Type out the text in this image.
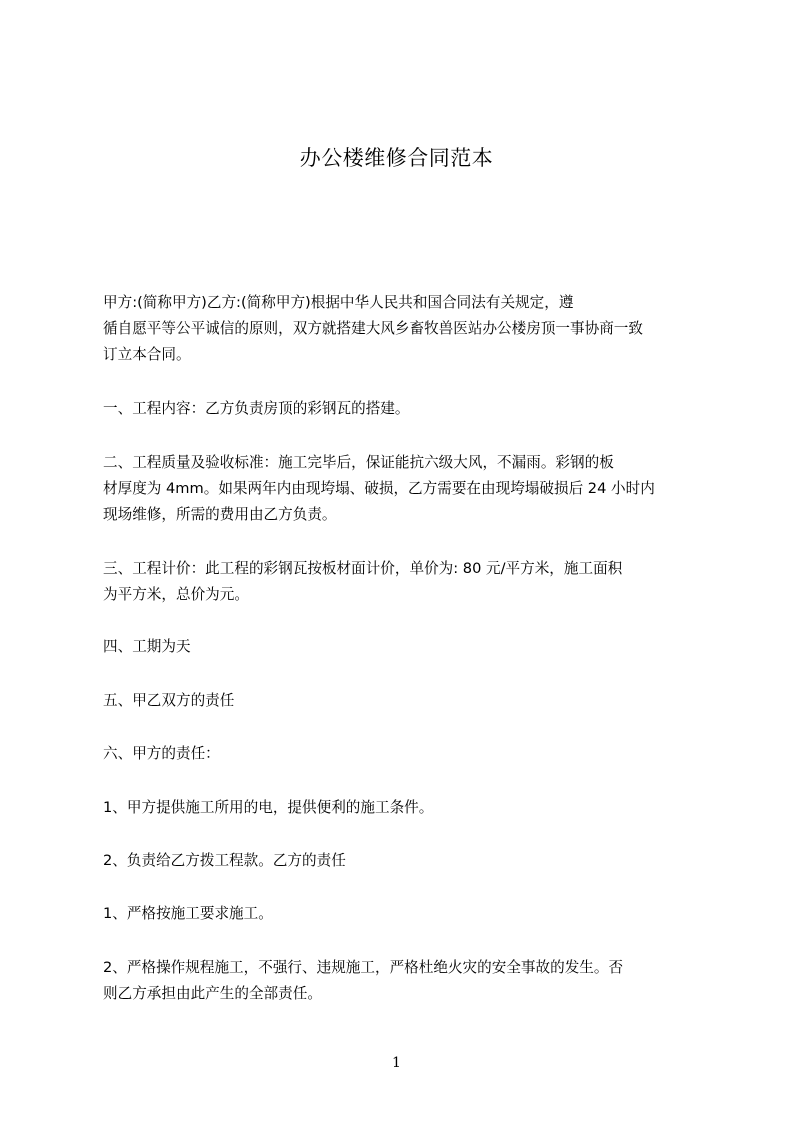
办公楼维修合同范本
甲方:(简称甲方)乙方:(简称甲方)根据中华人民共和国合同法有关规定，遵
循自愿平等公平诚信的原则，双方就搭建大风乡畜牧兽医站办公楼房顶一事协商一致
订立本合同。
一、工程内容：乙方负责房顶的彩钢瓦的搭建。
二、工程质量及验收标准：施工完毕后，保证能抗六级大风，不漏雨。彩钢的板
材厚度为 4mm。如果两年内由现垮塌、破损，乙方需要在由现垮塌破损后 24 小时内
现场维修，所需的费用由乙方负责。
三、工程计价：此工程的彩钢瓦按板材面计价，单价为: 80 元/平方米，施工面积
为平方米，总价为元。
四、工期为天
五、甲乙双方的责任
六、甲方的责任：
1、甲方提供施工所用的电，提供便利的施工条件。
2、负责给乙方拨工程款。乙方的责任
1、严格按施工要求施工。
2、严格操作规程施工，不强行、违规施工，严格杜绝火灾的安全事故的发生。否
则乙方承担由此产生的全部责任。
1
